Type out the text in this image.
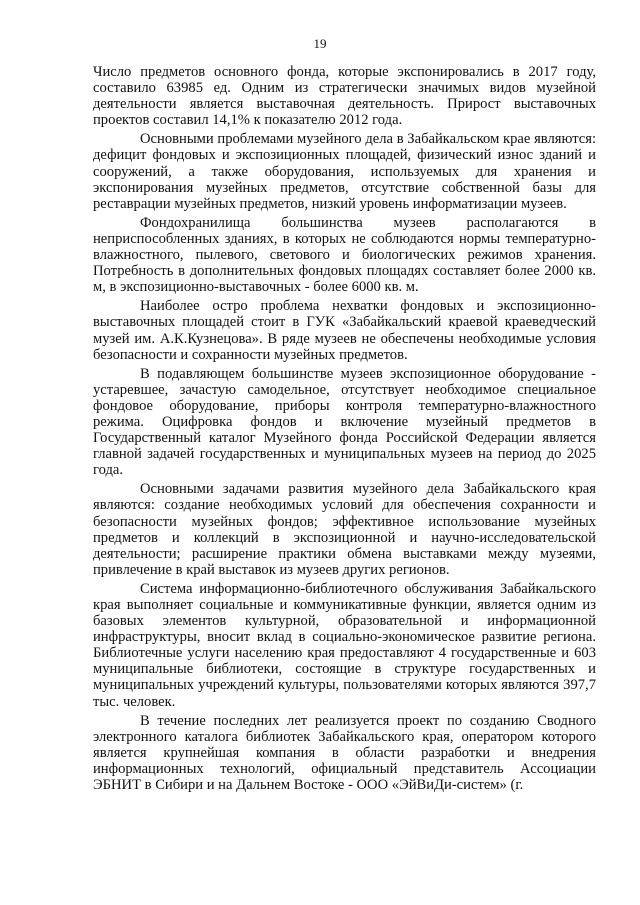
19

Число предметов основного фонда, которые экспонировались в 2017 году, составило 63985 ед. Одним из стратегически значимых видов музейной деятельности является выставочная деятельность. Прирост выставочных проектов составил 14,1% к показателю 2012 года.

Основными проблемами музейного дела в Забайкальском крае являются: дефицит фондовых и экспозиционных площадей, физический износ зданий и сооружений, а также оборудования, используемых для хранения и экспонирования музейных предметов, отсутствие собственной базы для реставрации музейных предметов, низкий уровень информатизации музеев.

Фондохранилища большинства музеев располагаются в неприспособленных зданиях, в которых не соблюдаются нормы температурно-влажностного, пылевого, светового и биологических режимов хранения. Потребность в дополнительных фондовых площадях составляет более 2000 кв. м, в экспозиционно-выставочных - более 6000 кв. м.

Наиболее остро проблема нехватки фондовых и экспозиционно-выставочных площадей стоит в ГУК «Забайкальский краевой краеведческий музей им. А.К.Кузнецова». В ряде музеев не обеспечены необходимые условия безопасности и сохранности музейных предметов.

В подавляющем большинстве музеев экспозиционное оборудование - устаревшее, зачастую самодельное, отсутствует необходимое специальное фондовое оборудование, приборы контроля температурно-влажностного режима. Оцифровка фондов и включение музейный предметов в Государственный каталог Музейного фонда Российской Федерации является главной задачей государственных и муниципальных музеев на период до 2025 года.

Основными задачами развития музейного дела Забайкальского края являются: создание необходимых условий для обеспечения сохранности и безопасности музейных фондов; эффективное использование музейных предметов и коллекций в экспозиционной и научно-исследовательской деятельности; расширение практики обмена выставками между музеями, привлечение в край выставок из музеев других регионов.

Система информационно-библиотечного обслуживания Забайкальского края выполняет социальные и коммуникативные функции, является одним из базовых элементов культурной, образовательной и информационной инфраструктуры, вносит вклад в социально-экономическое развитие региона. Библиотечные услуги населению края предоставляют 4 государственные и 603 муниципальные библиотеки, состоящие в структуре государственных и муниципальных учреждений культуры, пользователями которых являются 397,7 тыс. человек.

В течение последних лет реализуется проект по созданию Сводного электронного каталога библиотек Забайкальского края, оператором которого является крупнейшая компания в области разработки и внедрения информационных технологий, официальный представитель Ассоциации ЭБНИТ в Сибири и на Дальнем Востоке - ООО «ЭйВиДи-систем» (г.
